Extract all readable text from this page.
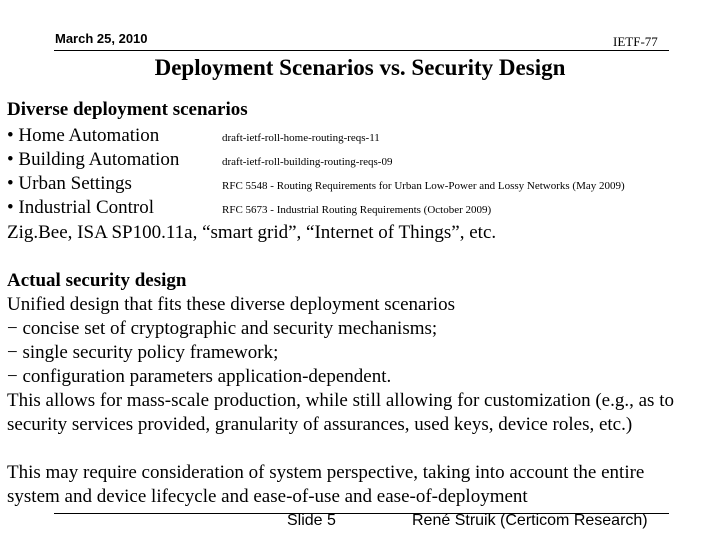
March 25, 2010	IETF-77
Deployment Scenarios vs. Security Design
Diverse deployment scenarios
• Home Automation	draft-ietf-roll-home-routing-reqs-11
• Building Automation	draft-ietf-roll-building-routing-reqs-09
• Urban Settings	RFC 5548 - Routing Requirements for Urban Low-Power and Lossy Networks (May 2009)
• Industrial Control	RFC 5673 - Industrial Routing Requirements (October 2009)
Zig.Bee, ISA SP100.11a, “smart grid”, “Internet of Things”, etc.
Actual security design
Unified design that fits these diverse deployment scenarios
− concise set of cryptographic and security mechanisms;
− single security policy framework;
− configuration parameters application-dependent.
This allows for mass-scale production, while still allowing for customization (e.g., as to
security services provided, granularity of assurances, used keys, device roles, etc.)
This may require consideration of system perspective, taking into account the entire
system and device lifecycle and ease-of-use and ease-of-deployment
Slide 5	René Struik (Certicom Research)
